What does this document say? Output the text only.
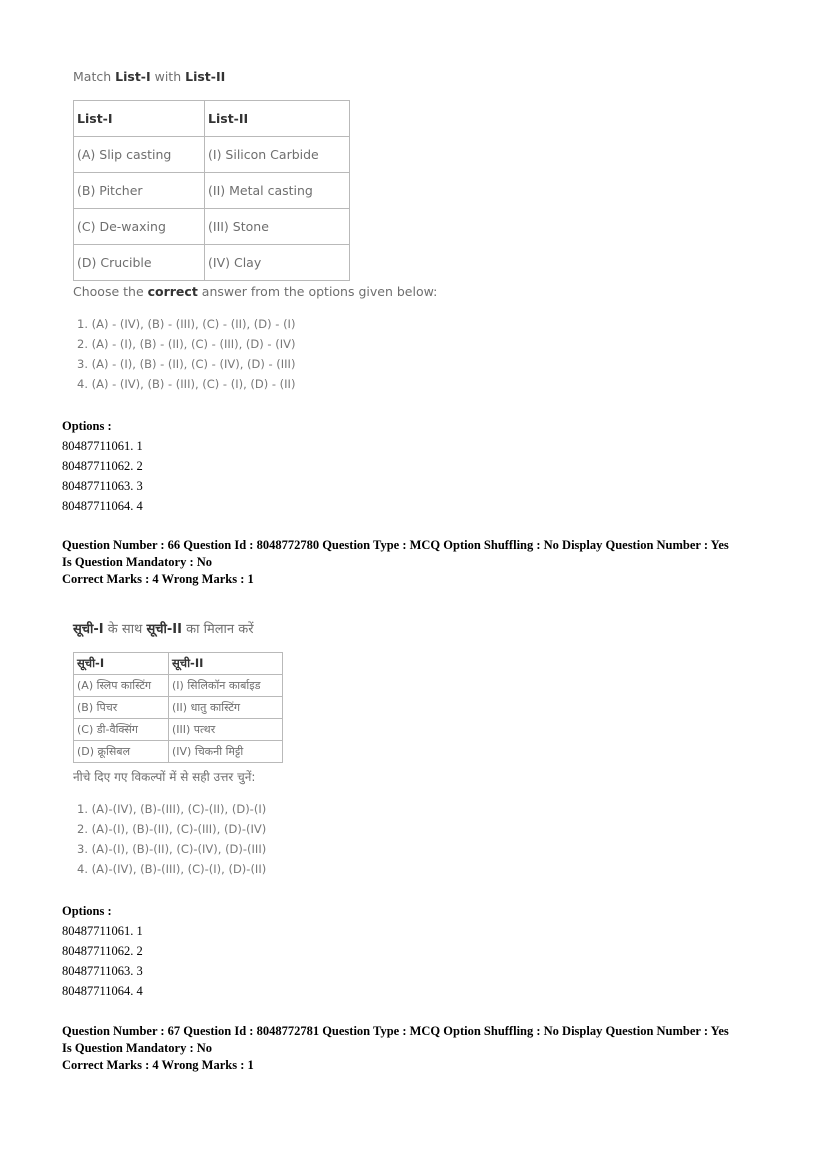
Match List-I with List-II
List-I	List-II
(A) Slip casting	(I) Silicon Carbide
(B) Pitcher	(II) Metal casting
(C) De-waxing	(III) Stone
(D) Crucible	(IV) Clay
Choose the correct answer from the options given below:
1. (A) - (IV), (B) - (III), (C) - (II), (D) - (I)
2. (A) - (I), (B) - (II), (C) - (III), (D) - (IV)
3. (A) - (I), (B) - (II), (C) - (IV), (D) - (III)
4. (A) - (IV), (B) - (III), (C) - (I), (D) - (II)
Options :
80487711061. 1
80487711062. 2
80487711063. 3
80487711064. 4
Question Number : 66 Question Id : 8048772780 Question Type : MCQ Option Shuffling : No Display Question Number : Yes
Is Question Mandatory : No
Correct Marks : 4 Wrong Marks : 1
सूची-I के साथ सूची-II का मिलान करें
सूची-I	सूची-II
(A) स्लिप कास्टिंग	(I) सिलिकॉन कार्बाइड
(B) पिचर	(II) धातु कास्टिंग
(C) डी-वैक्सिंग	(III) पत्थर
(D) क्रूसिबल	(IV) चिकनी मिट्टी
नीचे दिए गए विकल्पों में से सही उत्तर चुनें:
1. (A)-(IV), (B)-(III), (C)-(II), (D)-(I)
2. (A)-(I), (B)-(II), (C)-(III), (D)-(IV)
3. (A)-(I), (B)-(II), (C)-(IV), (D)-(III)
4. (A)-(IV), (B)-(III), (C)-(I), (D)-(II)
Options :
80487711061. 1
80487711062. 2
80487711063. 3
80487711064. 4
Question Number : 67 Question Id : 8048772781 Question Type : MCQ Option Shuffling : No Display Question Number : Yes
Is Question Mandatory : No
Correct Marks : 4 Wrong Marks : 1
